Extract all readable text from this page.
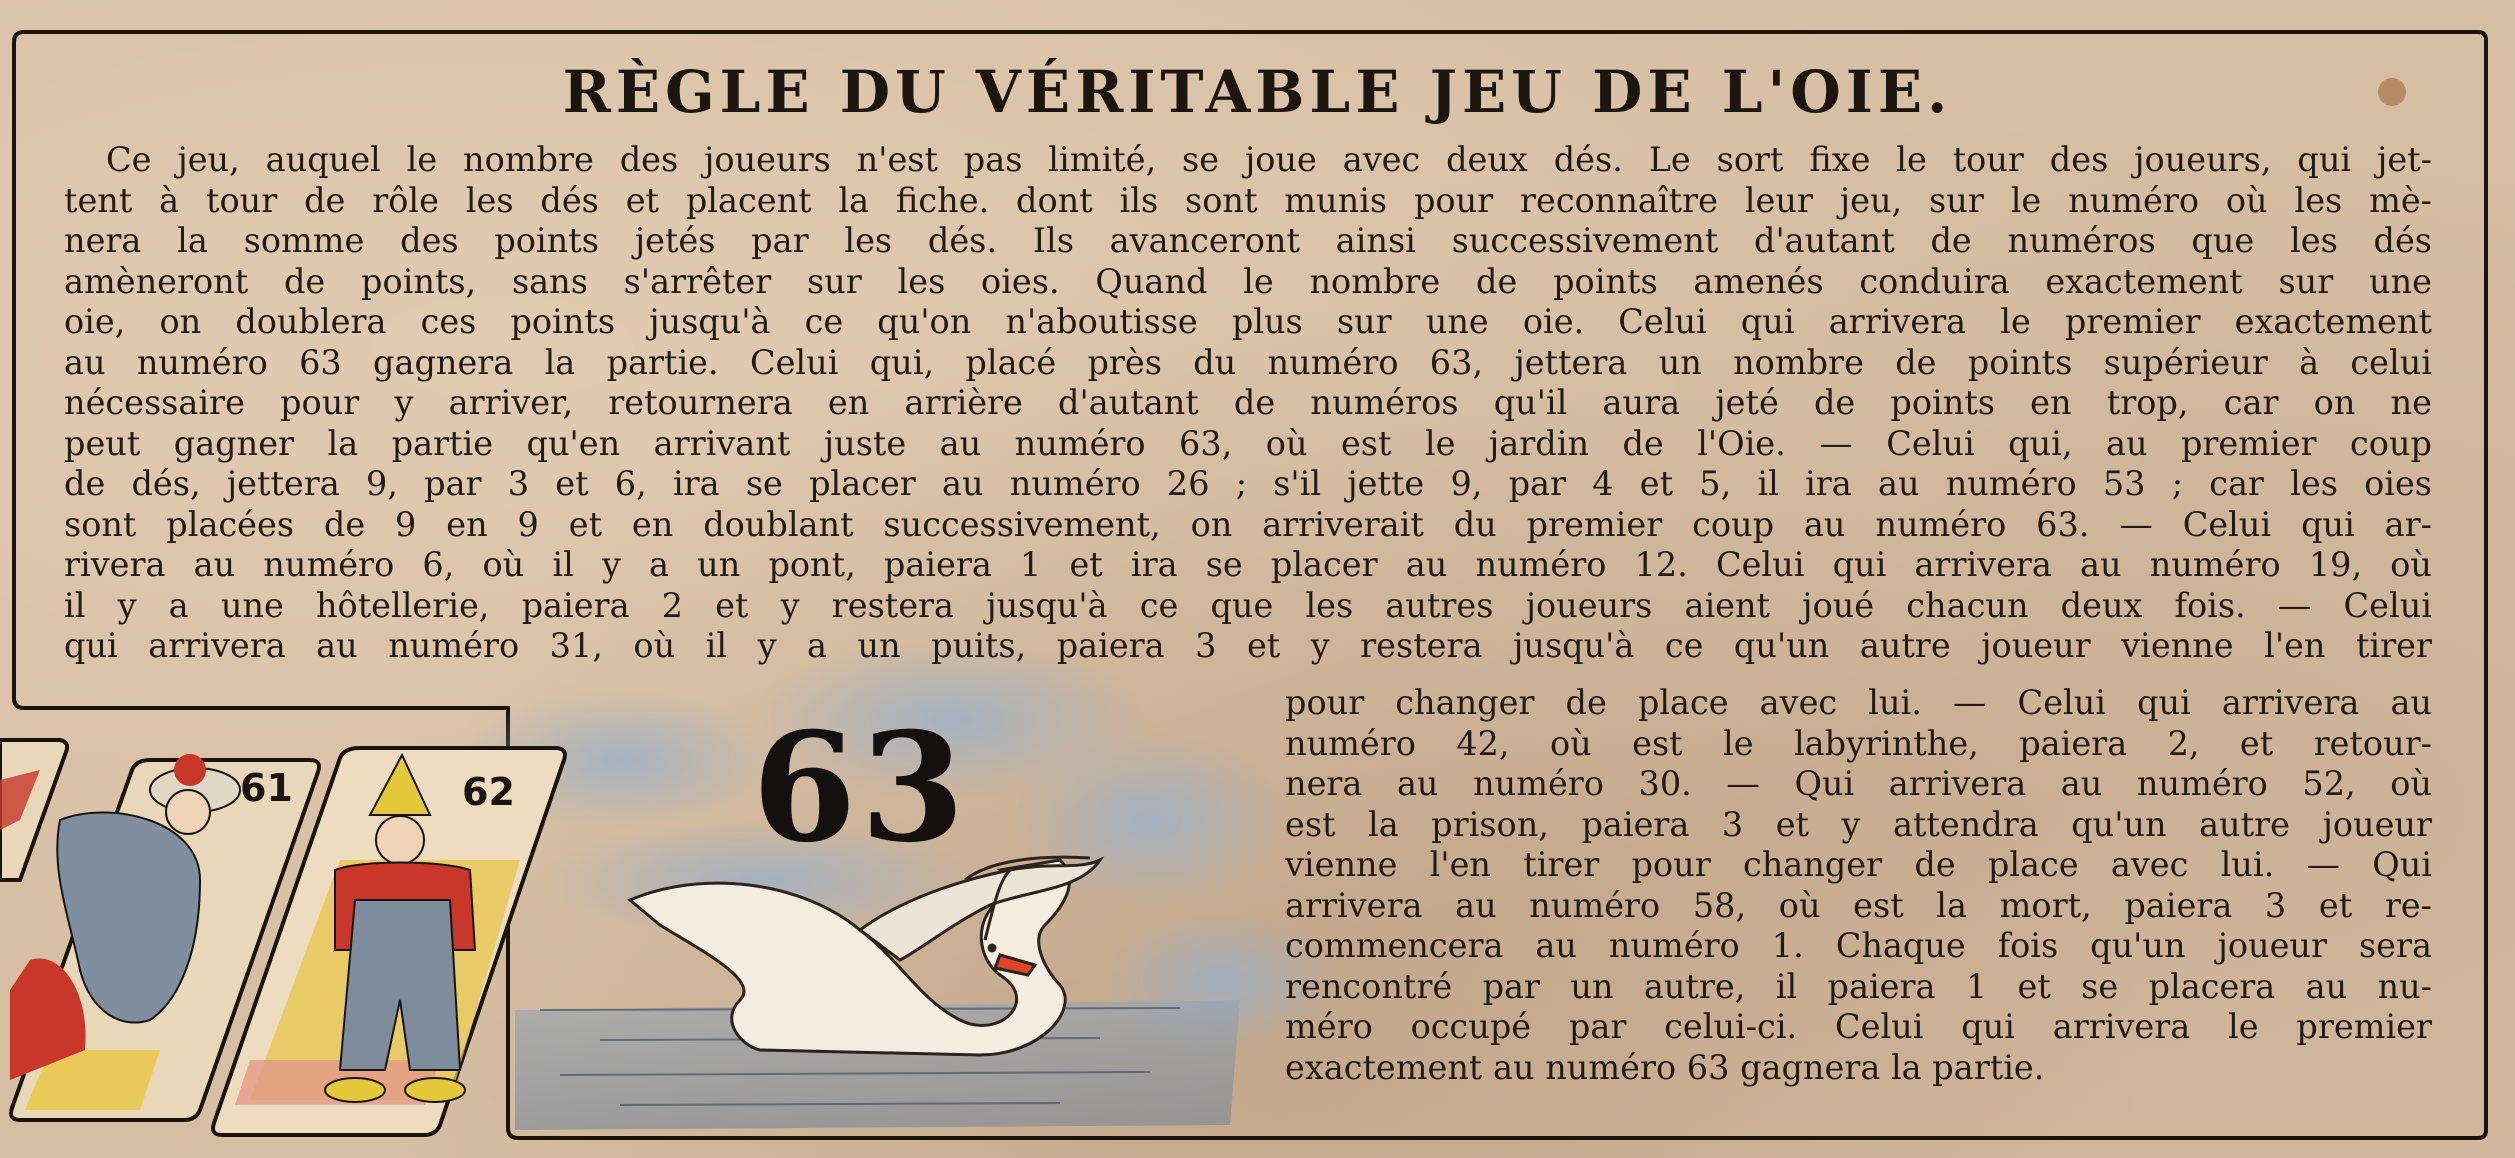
RÈGLE DU VÉRITABLE JEU DE L'OIE.
Ce jeu, auquel le nombre des joueurs n'est pas limité, se joue avec deux dés. Le sort fixe le tour des joueurs, qui jet-
tent à tour de rôle les dés et placent la fiche. dont ils sont munis pour reconnaître leur jeu, sur le numéro où les mè-
nera la somme des points jetés par les dés. Ils avanceront ainsi successivement d'autant de numéros que les dés
amèneront de points, sans s'arrêter sur les oies. Quand le nombre de points amenés conduira exactement sur une
oie, on doublera ces points jusqu'à ce qu'on n'aboutisse plus sur une oie. Celui qui arrivera le premier exactement
au numéro 63 gagnera la partie. Celui qui, placé près du numéro 63, jettera un nombre de points supérieur à celui
nécessaire pour y arriver, retournera en arrière d'autant de numéros qu'il aura jeté de points en trop, car on ne
peut gagner la partie qu'en arrivant juste au numéro 63, où est le jardin de l'Oie. — Celui qui, au premier coup
de dés, jettera 9, par 3 et 6, ira se placer au numéro 26 ; s'il jette 9, par 4 et 5, il ira au numéro 53 ; car les oies
sont placées de 9 en 9 et en doublant successivement, on arriverait du premier coup au numéro 63. — Celui qui ar-
rivera au numéro 6, où il y a un pont, paiera 1 et ira se placer au numéro 12. Celui qui arrivera au numéro 19, où
il y a une hôtellerie, paiera 2 et y restera jusqu'à ce que les autres joueurs aient joué chacun deux fois. — Celui
qui arrivera au numéro 31, où il y a un puits, paiera 3 et y restera jusqu'à ce qu'un autre joueur vienne l'en tirer
pour changer de place avec lui. — Celui qui arrivera au
numéro 42, où est le labyrinthe, paiera 2, et retour-
nera au numéro 30. — Qui arrivera au numéro 52, où
est la prison, paiera 3 et y attendra qu'un autre joueur
vienne l'en tirer pour changer de place avec lui. — Qui
arrivera au numéro 58, où est la mort, paiera 3 et re-
commencera au numéro 1. Chaque fois qu'un joueur sera
rencontré par un autre, il paiera 1 et se placera au nu-
méro occupé par celui-ci. Celui qui arrivera le premier
exactement au numéro 63 gagnera la partie.
63
61	62
